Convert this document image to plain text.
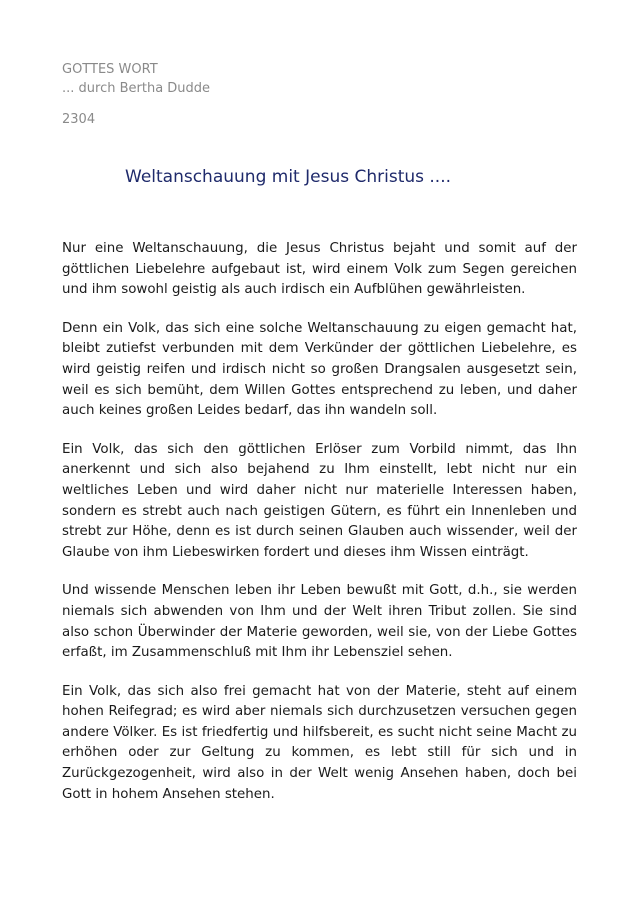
GOTTES WORT

... durch Bertha Dudde

2304
Weltanschauung mit Jesus Christus ....

Nur eine Weltanschauung, die Jesus Christus bejaht und somit auf der göttlichen Liebelehre aufgebaut ist, wird einem Volk zum Segen gereichen und ihm sowohl geistig als auch irdisch ein Aufblühen gewährleisten.

Denn ein Volk, das sich eine solche Weltanschauung zu eigen gemacht hat, bleibt zutiefst verbunden mit dem Verkünder der göttlichen Liebelehre, es wird geistig reifen und irdisch nicht so großen Drangsalen ausgesetzt sein, weil es sich bemüht, dem Willen Gottes entsprechend zu leben, und daher auch keines großen Leides bedarf, das ihn wandeln soll.

Ein Volk, das sich den göttlichen Erlöser zum Vorbild nimmt, das Ihn anerkennt und sich also bejahend zu Ihm einstellt, lebt nicht nur ein weltliches Leben und wird daher nicht nur materielle Interessen haben, sondern es strebt auch nach geistigen Gütern, es führt ein Innenleben und strebt zur Höhe, denn es ist durch seinen Glauben auch wissender, weil der Glaube von ihm Liebeswirken fordert und dieses ihm Wissen einträgt.

Und wissende Menschen leben ihr Leben bewußt mit Gott, d.h., sie werden niemals sich abwenden von Ihm und der Welt ihren Tribut zollen. Sie sind also schon Überwinder der Materie geworden, weil sie, von der Liebe Gottes erfaßt, im Zusammenschluß mit Ihm ihr Lebensziel sehen.

Ein Volk, das sich also frei gemacht hat von der Materie, steht auf einem hohen Reifegrad; es wird aber niemals sich durchzusetzen versuchen gegen andere Völker. Es ist friedfertig und hilfsbereit, es sucht nicht seine Macht zu erhöhen oder zur Geltung zu kommen, es lebt still für sich und in Zurückgezogenheit, wird also in der Welt wenig Ansehen haben, doch bei Gott in hohem Ansehen stehen.
